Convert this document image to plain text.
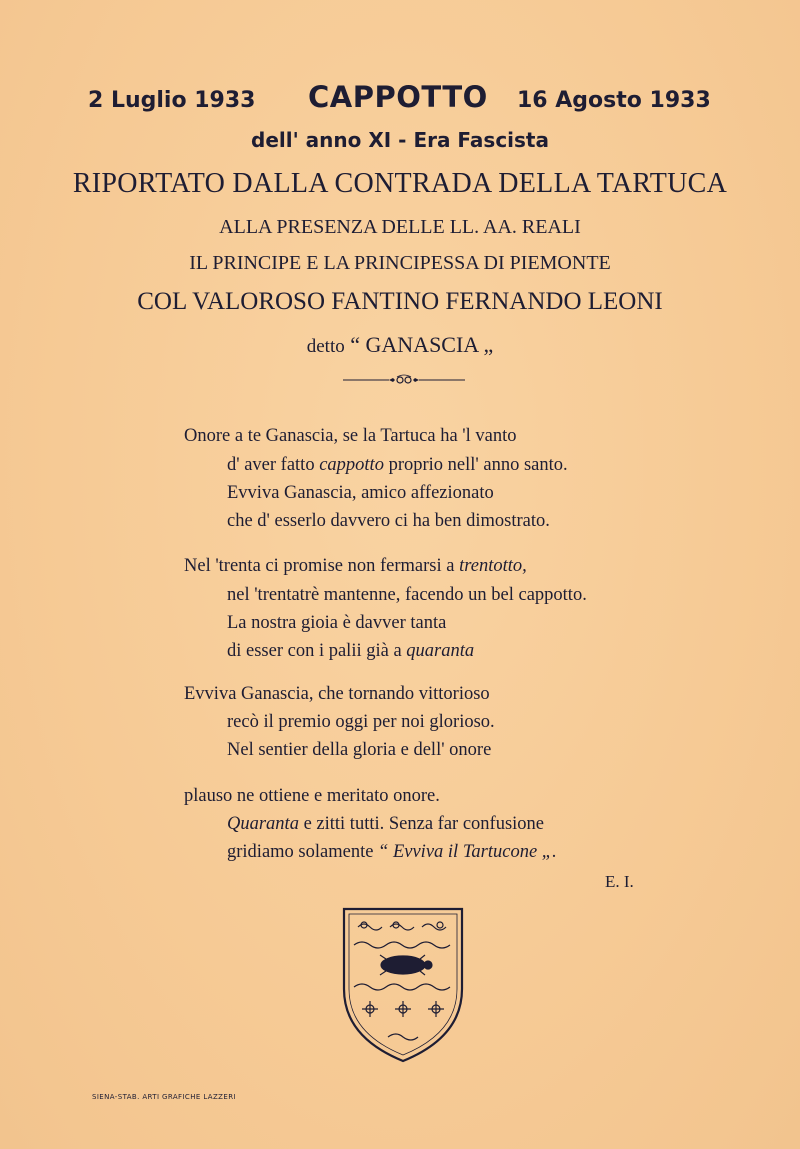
2 Luglio 1933 CAPPOTTO 16 Agosto 1933
dell' anno XI - Era Fascista
RIPORTATO DALLA CONTRADA DELLA TARTUCA
ALLA PRESENZA DELLE LL. AA. REALI
IL PRINCIPE E LA PRINCIPESSA DI PIEMONTE
COL VALOROSO FANTINO FERNANDO LEONI
detto “ GANASCIA „
Onore a te Ganascia, se la Tartuca ha 'l vanto
d' aver fatto cappotto proprio nell' anno santo.
Evviva Ganascia, amico affezionato
che d' esserlo davvero ci ha ben dimostrato.
Nel 'trenta ci promise non fermarsi a trentotto,
nel 'trentatrè mantenne, facendo un bel cappotto.
La nostra gioia è davver tanta
di esser con i palii già a quaranta
Evviva Ganascia, che tornando vittorioso
recò il premio oggi per noi glorioso.
Nel sentier della gloria e dell' onore
plauso ne ottiene e meritato onore.
Quaranta e zitti tutti. Senza far confusione
gridiamo solamente “ Evviva il Tartucone „.
E. I.
SIENA-STAB. ARTI GRAFICHE LAZZERI
